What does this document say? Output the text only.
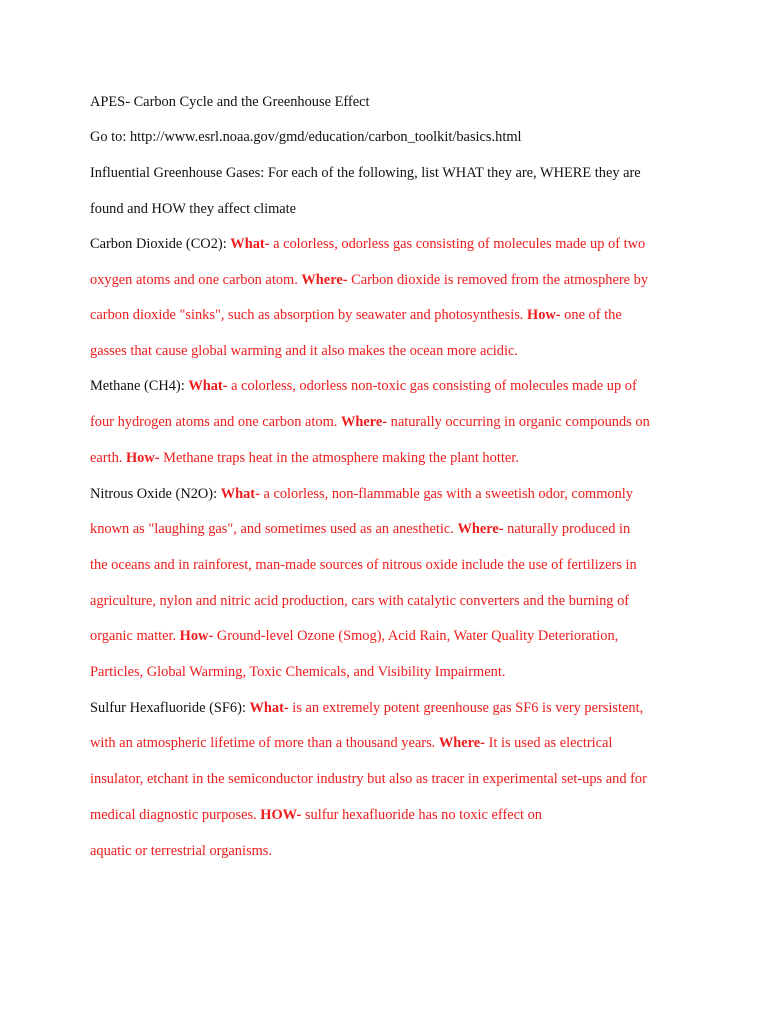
APES- Carbon Cycle and the Greenhouse Effect
Go to: http://www.esrl.noaa.gov/gmd/education/carbon_toolkit/basics.html
Influential Greenhouse Gases: For each of the following, list WHAT they are, WHERE they are
found and HOW they affect climate
Carbon Dioxide (CO2): What- a colorless, odorless gas consisting of molecules made up of two
oxygen atoms and one carbon atom. Where- Carbon dioxide is removed from the atmosphere by
carbon dioxide "sinks", such as absorption by seawater and photosynthesis. How- one of the
gasses that cause global warming and it also makes the ocean more acidic.
Methane (CH4): What- a colorless, odorless non-toxic gas consisting of molecules made up of
four hydrogen atoms and one carbon atom. Where- naturally occurring in organic compounds on
earth. How- Methane traps heat in the atmosphere making the plant hotter.
Nitrous Oxide (N2O): What- a colorless, non-flammable gas with a sweetish odor, commonly
known as "laughing gas", and sometimes used as an anesthetic. Where- naturally produced in
the oceans and in rainforest, man-made sources of nitrous oxide include the use of fertilizers in
agriculture, nylon and nitric acid production, cars with catalytic converters and the burning of
organic matter. How- Ground-level Ozone (Smog), Acid Rain, Water Quality Deterioration,
Particles, Global Warming, Toxic Chemicals, and Visibility Impairment.
Sulfur Hexafluoride (SF6): What- is an extremely potent greenhouse gas SF6 is very persistent,
with an atmospheric lifetime of more than a thousand years. Where- It is used as electrical
insulator, etchant in the semiconductor industry but also as tracer in experimental set-ups and for
medical diagnostic purposes. HOW- sulfur hexafluoride has no toxic effect on
aquatic or terrestrial organisms.
